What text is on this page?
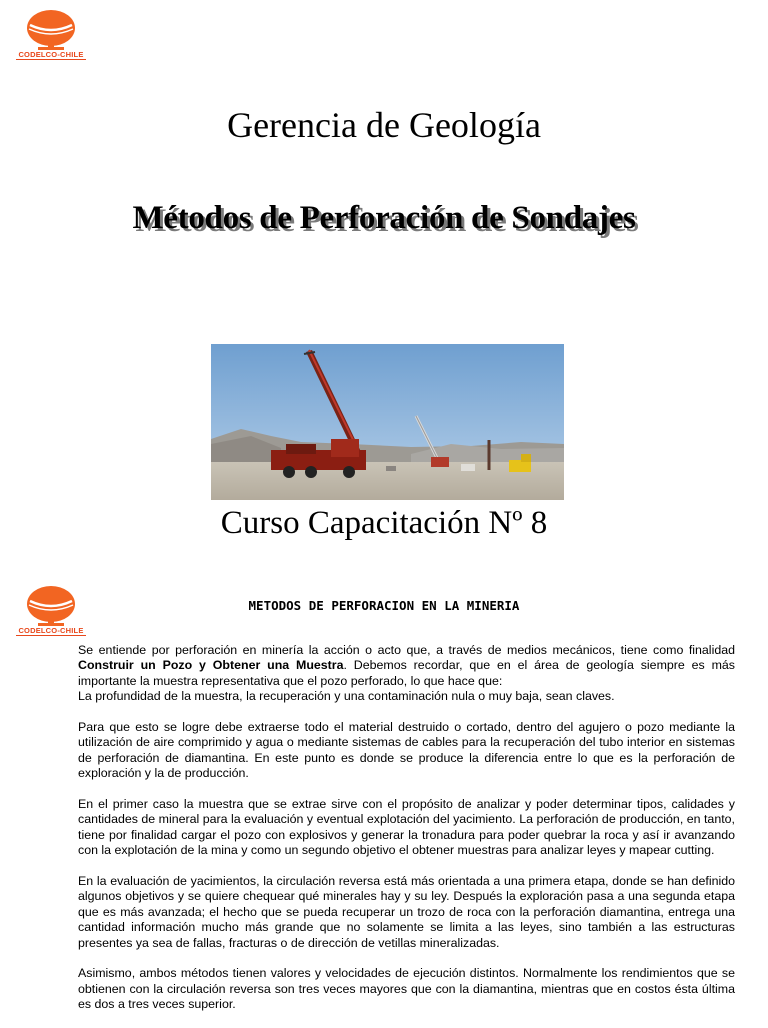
CODELCO-CHILE
Gerencia de Geología
Métodos de Perforación de Sondajes
Curso Capacitación Nº 8
CODELCO-CHILE
METODOS DE PERFORACION EN LA MINERIA

Se entiende por perforación en minería la acción o acto que, a través de medios mecánicos, tiene como finalidad Construir un Pozo y Obtener una Muestra. Debemos recordar, que en el área de geología siempre es más importante la muestra representativa que el pozo perforado, lo que hace que:

La profundidad de la muestra, la recuperación y una contaminación nula o muy baja, sean claves.

Para que esto se logre debe extraerse todo el material destruido o cortado, dentro del agujero o pozo mediante la utilización de aire comprimido y agua o mediante sistemas de cables para la recuperación del tubo interior en sistemas de perforación de diamantina. En este punto es donde se produce la diferencia entre lo que es la perforación de exploración y la de producción.

En el primer caso la muestra que se extrae sirve con el propósito de analizar y poder determinar tipos, calidades y cantidades de mineral para la evaluación y eventual explotación del yacimiento. La perforación de producción, en tanto, tiene por finalidad cargar el pozo con explosivos y generar la tronadura para poder quebrar la roca y así ir avanzando con la explotación de la mina y como un segundo objetivo el obtener muestras para analizar leyes y mapear cutting.

En la evaluación de yacimientos, la circulación reversa está más orientada a una primera etapa, donde se han definido algunos objetivos y se quiere chequear qué minerales hay y su ley. Después la exploración pasa a una segunda etapa que es más avanzada; el hecho que se pueda recuperar un trozo de roca con la perforación diamantina, entrega una cantidad información mucho más grande que no solamente se limita a las leyes, sino también a las estructuras presentes ya sea de fallas, fracturas o de dirección de vetillas mineralizadas.

Asimismo, ambos métodos tienen valores y velocidades de ejecución distintos. Normalmente los rendimientos que se obtienen con la circulación reversa son tres veces mayores que con la diamantina, mientras que en costos ésta última es dos a tres veces superior.
